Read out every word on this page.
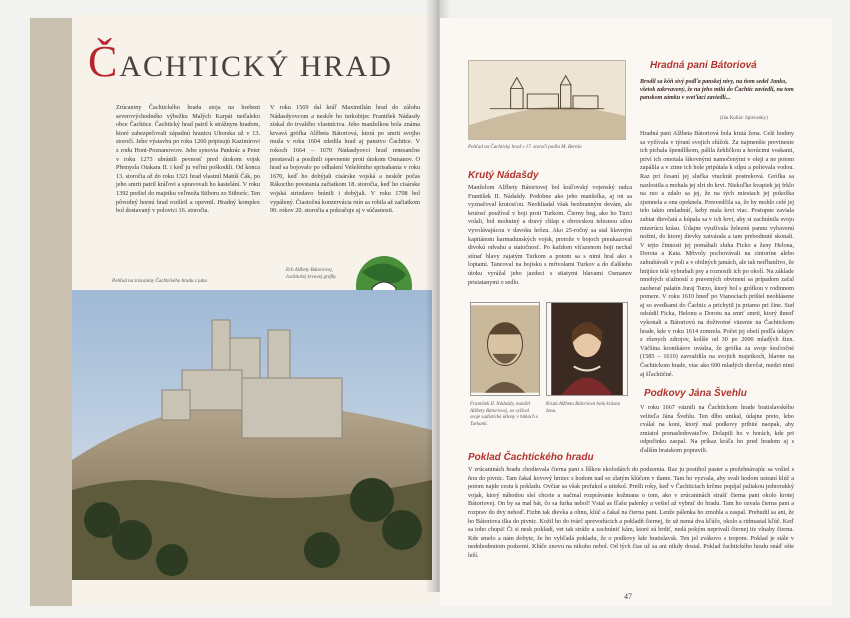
ČACHTICKÝ HRAD
Zrúcaniny Čachtického hradu stoja na hrebeni severovýchodného výbežku Malých Karpát neďaleko obce Čachtice. Čachtický hrad patril k strážnym hradom, ktoré zabezpečovali západnú hranicu Uhorska už v 13. storočí. Jeho výstavbu po roku 1260 pripisujú Kazimírovi z rodu Hont-Poznanovcov. Jeho synovia Pankrác a Peter v roku 1273 ubránili pevnosť pred útokom vojsk Přemysla Otakara II. i keď ju veľmi poškodili. Od konca 13. storočia až do roku 1321 hrad vlastnil Matúš Čák, po jeho smrti patril kráľovi a spravovali ho kastelání. V roku 1392 prešiel do majetku veľmoža Stiboru zo Stiboríc. Ten pôvodný hornú hrad rozšíril a opevnil. Hradný komplex bol dostavaný v polovici 16. storočia.
V roku 1569 dal kráľ Maximilián hrad do zálohu Nádasdyovcom a neskôr ho turkobijec František Nádasdy získal do trvalého vlastníctva. Jeho manželkou bola známa krvavá grófka Alžbeta Bátoriová, ktorá po smrti svojho muža v roku 1604 zdedila hrad aj panstvo Čachtice. V rokoch 1664 – 1670 Nádasdyovci hrad renesančne prestavali a posilnili opevnenie proti útokom Osmanov. O hrad sa bojovalo po odhalení Vešeléniho sprisahania v roku 1670, keď ho dobýjali cisárske vojská a neskôr počas Rákociho povstania začiatkom 18. storočia, keď ho cisárske vojská striedavo bránili i dobýjali. V roku 1708 bol vypálený. Čiastočná konzervácia ruín sa robila až začiatkom 90. rokov 20. storočia a pokračuje aj v súčasnosti.
Pohľad na zrúcaniny Čachtického hradu z juhu
Erb Alžbety Bátoriovej, čachtickej krvavej grófky
Pohľad na Čachtický hrad v 17. storočí podľa M. Bereša
Hradná pani Bátoriová
Brodil sa kôň sivý podľa panskej nivy, na ňom sedel Janko, všetok zakrvavený, že na jeho milú do Čachtíc zaviedli, na tom panskom zámku v sveťiaci zaviedli...
(Ján Kollár: Spievanky)
Hradná pani Alžbeta Bátoriová bola krutá žena. Celé hodiny sa vyžívala v týraní svojich slúžok. Za najmenšie previnenie ich pichala špendlíkom, pálila žehličkou a horúcimi voskami, priví ich omotala šikovnými namočenými v oleji a ne potom zapálila a v zime ich hole pripútala k stĺpu a polievala vodou. Raz pri česaní jej slučka vtuckrát postreková. Grófka sa nazlostila a mohala jej zlrt do krvi. Niekoľko kvapiek jej frklo na ruo a zdalo sa jej, že na tých miestach jej pokožka zjemnela a ona opeknela. Presvedčila sa, že by mohlo celé jej telo takto omladnúť, keby mala krvi viac. Postupne zaviala zabiat dievčatá a kúpala sa v ich krvi, aby si zachránila svoju mizerúcu krásu. Údajne využívala železnú pannu vybavenú nožmi, do ktorej dievky zatvárala a tam prebodnuté skonali. V tejto činnosti jej pomáhali sluha Ficko a ženy Helona, Dorota a Kata. Mŕtvoly pochovávali na cintoríne alebo zahrabávali v poli a v obilných jamách, ale tak neďbanlivo, že hnijúce telá vybrabali psy a roznosili ich po okolí. Na základe mnohých sťažností z pravených obvinení sa prípadom začal zaoberať palatín Juraj Turzo, ktorý bol s grófkou v rodinnom pomere. V roku 1610 hneď po Vianociach prišiel neohlásene aj so svedkami do Čachtic a prichytil ju priamo pri čine. Sud odsúdil Ficka, Helonu a Dorotu na smrť smrti, ktorý ihneď vykonali a Bátoriovú na doživotné väzenie na Čachtickom hrade, kde v roku 1614 zomrela. Počet jej obetí podľa údajov z rôznych zdrojov, kolíše od 30 po 2000 mladých žien. Väčšina kronikárov uvádza, že grófka za svoje šesťročné (1585 – 1610) zavraždila na svojich majetkoch, hlavne na Čachtickom hrade, viac ako 600 mladých dievčat, medzi nimi aj šľachtičné.
Krutý Nádašdy
Manželom Alžbety Bátoriovej bol kráľovský vojenský radca František II. Nádašdy. Podobne ako jeho manželka, aj on sa vyznačoval krutosťou. Neohliadal však bezbranným devám, ale krutosť používal v boji proti Turkom. Čierny beg, ako ho Turci volali, bol mohutný a dravý chlap s obrovskou telesnou silou vyvolávajúcou v davoku hrôzu. Ako 25-ročný sa stal hlavným kapitánom harmadunských vojsk, pretože v bojoch preukazoval divokú odvahu a statočnosť. Po každom víťazenom boji nechal stínať hlavy zajatým Turkom a potom sa s nimi hral ako s loptami. Tancoval na bojisku s mŕtvolami Turkov a do ďalšieho útoku vyrážal jeho jazdeci s stiatymi hlavami Osmanov prisiatanymi o sedlo.
František II. Nádašdy, manžel Alžbety Bátoriovej, sa vyžíval svoje sadistické sklony v bitkách s Turkami.
Krutá Alžbeta Bátoriová bola krásna žena.
Podkovy Jána Švehlu
V roku 1667 väznili na Čachtickom hrade bratislavského veliteľa Jána Švehlu. Ten dlho unikal, údajne preto, lebo cválal na koni, ktorý mal podkovy pribité naopak, aby zmiatol prenasledovateľov. Dolapili ho v horách, kde pri odpočinku zaspal. Na príkaz kráľa ho pred hradom aj s ďalším bratskom popravili.
Poklad Čachtického hradu
V zrúcaninách hradu chodievala čierna pani s líškou ekolodáich do podzemia. Raz ju postihol paster a prežehnávajúc sa vošiel s ňou do pivnic. Tam čakal kovový hrniec s hodom nad so zlatým klúčom v tlame. Tam ho vyzvala, aby svali hodom ustraní klúč a potom najde cestu k pokladu. Ovčiar sa však prefakol a utiekol. Prešli roky, keď v Čachticiach krčme popíjal paliakou jednorukký vojak, ktorý náhodou sleí chcete a načmal rozprávanie kožmana o tom, ako v zrúcaninách strašť čierna pani okolo krotej Bátoriovej. On by sa mal bát, čo sa furka nebol! Vstal as fľašu palenky a vešiel až vybrať do hradu. Tam ho ozvala čierna pani a rozprav do dvy nehoď. Fizbn tak dievka a ohnu, klúč a čakal na čierna pani. Lenže pálenka ho zmohla a zaspal. Prebudil sa ani, že ho Bátoriova tlka do pivnic. Kožil ho do tvárč sprevodúcich a pokladň čiernej, že už nemá dva kľúče, okolo a ridmastal kľúč. Keď sa toho chopá! Či si nesk pokladí, vet tak stráže a zachrániť kám, ktoré sú brdiť, nedá pokým neprivalí čiernej tie vlnaby čiernu. Kde smelo a nám dobyte, že ho vyhľadá pokladu, že o podkovy kde bratislavsk. Ten jel zvákovo s tropom. Poklad je stále v nedohodnutom podzemí. Klúče znovu na nikoho nebol. Od tých čias už sa ani nikdy dostal. Poklad čachtického hradu snáď ešte leží.
47
